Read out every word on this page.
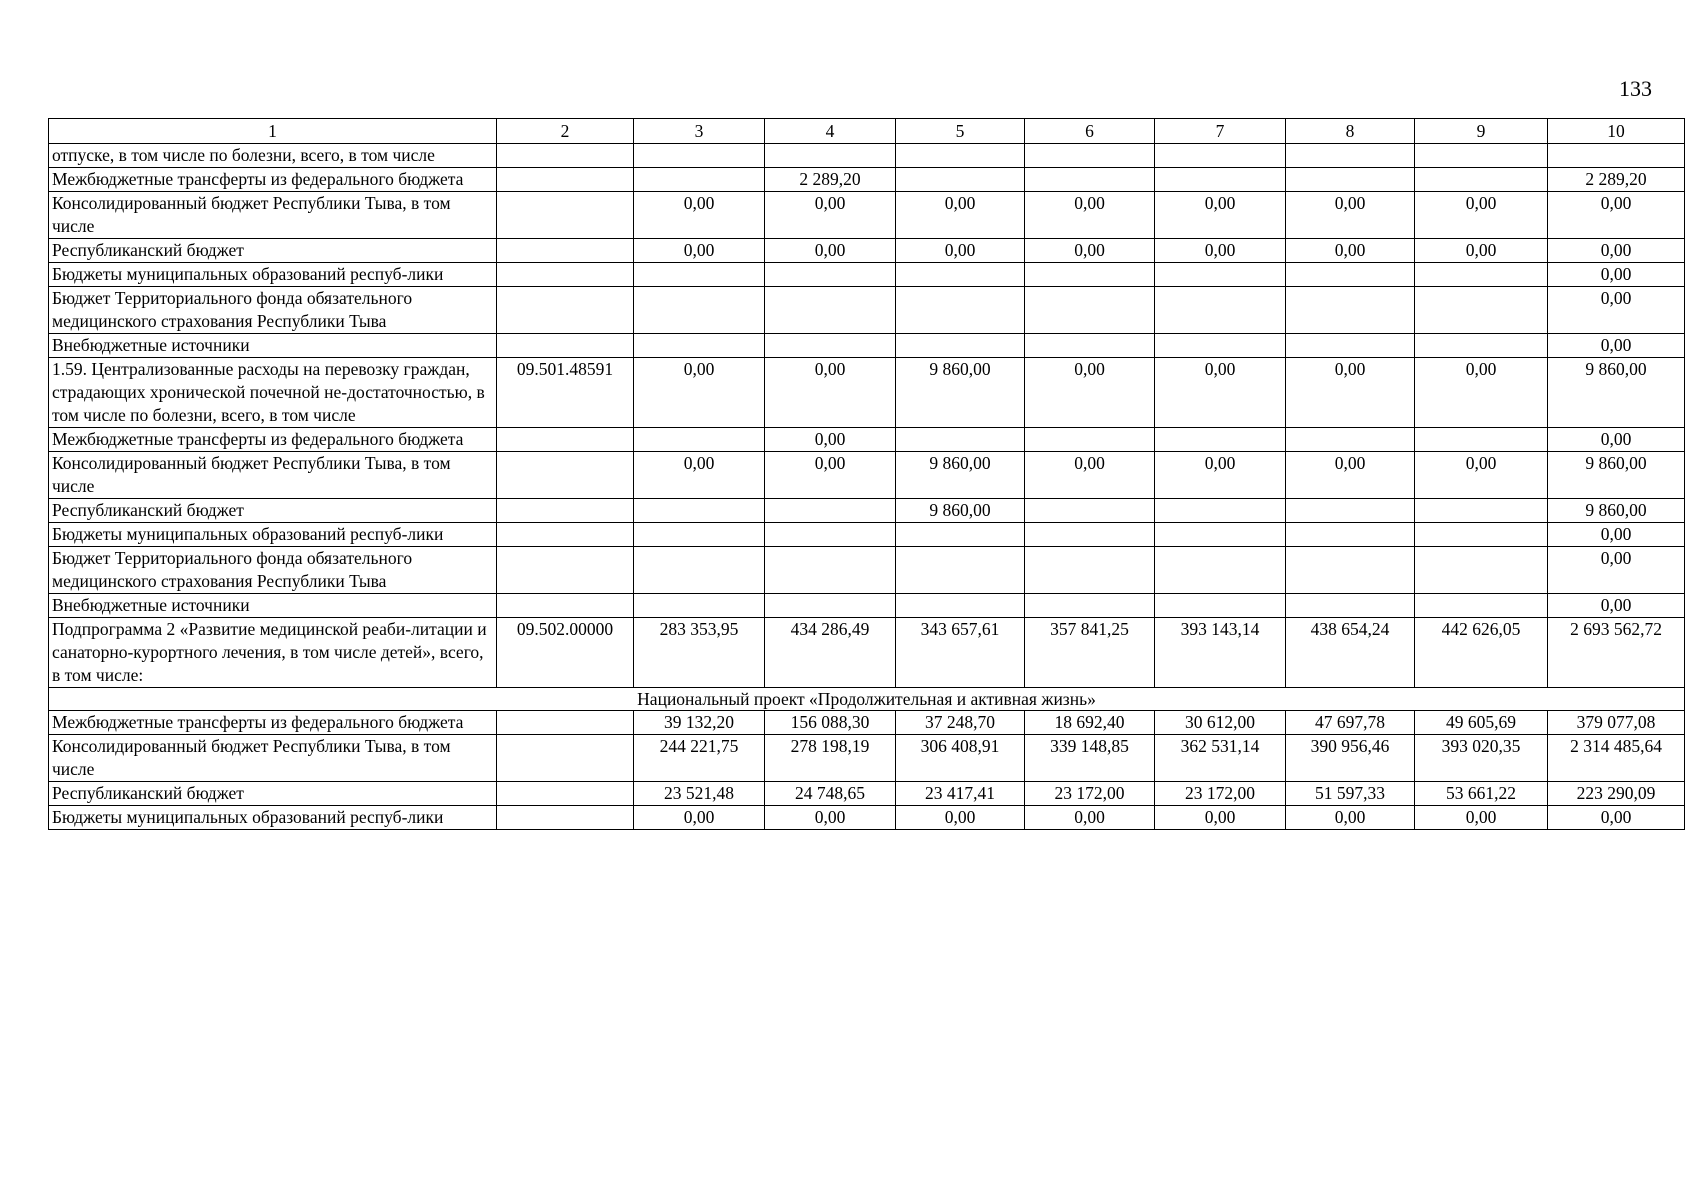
133
1	2	3	4	5	6	7	8	9	10
отпуске, в том числе по болезни, всего, в том числе									
Межбюджетные трансферты из федерального бюджета			2 289,20						2 289,20
Консолидированный бюджет Республики Тыва, в том числе		0,00	0,00	0,00	0,00	0,00	0,00	0,00	0,00
Республиканский бюджет		0,00	0,00	0,00	0,00	0,00	0,00	0,00	0,00
Бюджеты муниципальных образований респуб-лики									0,00
Бюджет Территориального фонда обязательного медицинского страхования Республики Тыва									0,00
Внебюджетные источники									0,00
1.59. Централизованные расходы на перевозку граждан, страдающих хронической почечной не-достаточностью, в том числе по болезни, всего, в том числе	09.501.48591	0,00	0,00	9 860,00	0,00	0,00	0,00	0,00	9 860,00
Межбюджетные трансферты из федерального бюджета			0,00						0,00
Консолидированный бюджет Республики Тыва, в том числе		0,00	0,00	9 860,00	0,00	0,00	0,00	0,00	9 860,00
Республиканский бюджет				9 860,00					9 860,00
Бюджеты муниципальных образований респуб-лики									0,00
Бюджет Территориального фонда обязательного медицинского страхования Республики Тыва									0,00
Внебюджетные источники									0,00
Подпрограмма 2 «Развитие медицинской реаби-литации и санаторно-курортного лечения, в том числе детей», всего, в том числе:	09.502.00000	283 353,95	434 286,49	343 657,61	357 841,25	393 143,14	438 654,24	442 626,05	2 693 562,72
Национальный проект «Продолжительная и активная жизнь»									
Межбюджетные трансферты из федерального бюджета		39 132,20	156 088,30	37 248,70	18 692,40	30 612,00	47 697,78	49 605,69	379 077,08
Консолидированный бюджет Республики Тыва, в том числе		244 221,75	278 198,19	306 408,91	339 148,85	362 531,14	390 956,46	393 020,35	2 314 485,64
Республиканский бюджет		23 521,48	24 748,65	23 417,41	23 172,00	23 172,00	51 597,33	53 661,22	223 290,09
Бюджеты муниципальных образований респуб-лики		0,00	0,00	0,00	0,00	0,00	0,00	0,00	0,00
